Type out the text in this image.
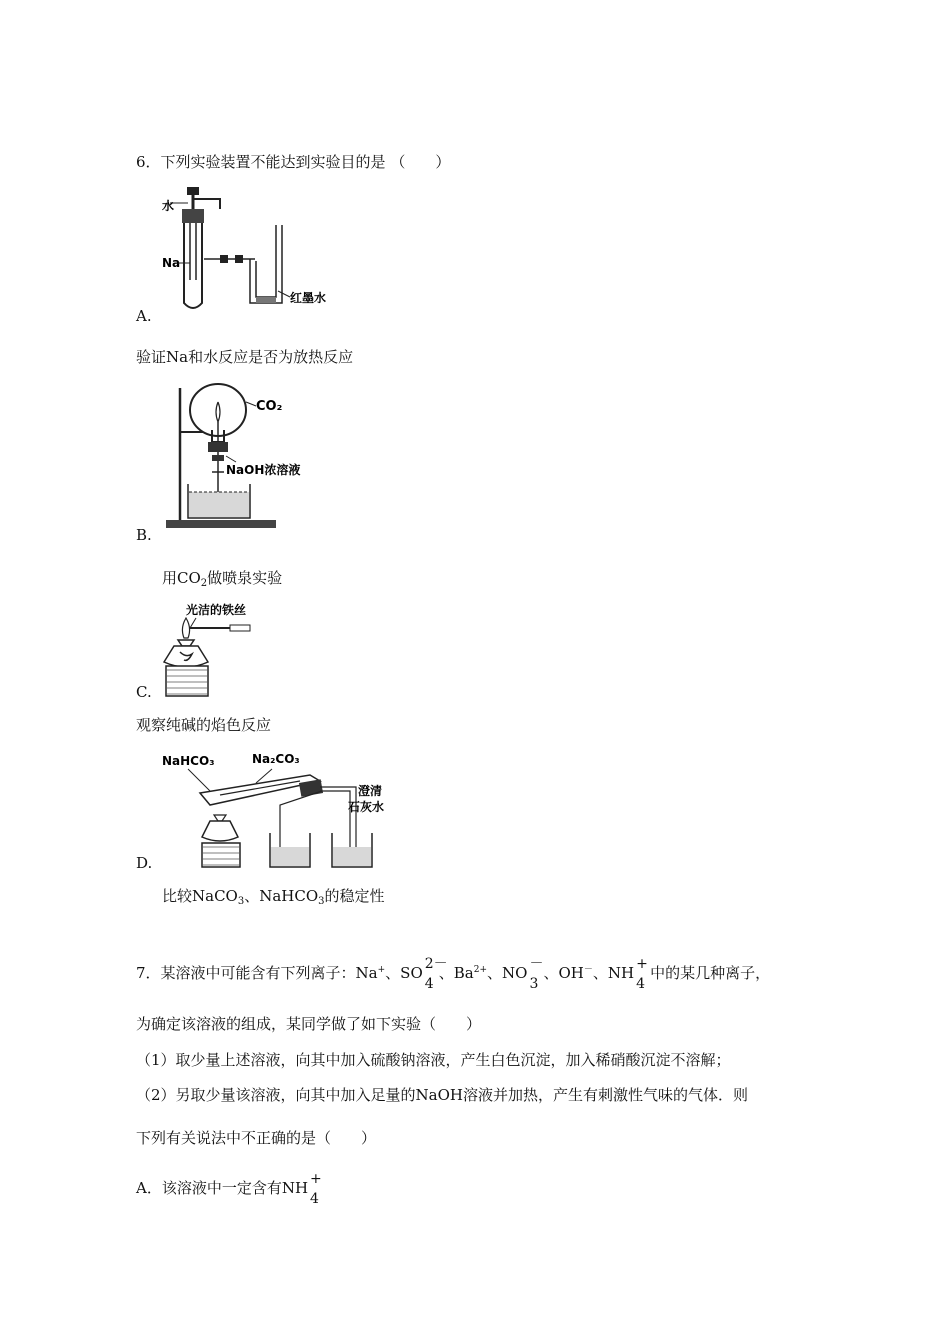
6．下列实验装置不能达到实验目的是 （　　）
水
Na
红墨水
A.
验证Na和水反应是否为放热反应
CO₂
NaOH浓溶液
B.
用$CO_2$做喷泉实验
光洁的铁丝
C.
观察纯碱的焰色反应
NaHCO₃	Na₂CO₃
澄清
石灰水
D.
比较NaCO$_3$、NaHCO$_3$的稳定性
7．某溶液中可能含有下列离子：Na+、SO 2－
4
、$Ba^{2+}$、NO －
3
、OH－、NH +
4
中的某几种离子，
为确定该溶液的组成，某同学做了如下实验（　　）
（1）取少量上述溶液，向其中加入硫酸钠溶液，产生白色沉淀，加入稀硝酸沉淀不溶解；
（2）另取少量该溶液，向其中加入足量的NaOH溶液并加热，产生有刺激性气味的气体．则
下列有关说法中不正确的是（　　）
A．该溶液中一定含有NH +
4
